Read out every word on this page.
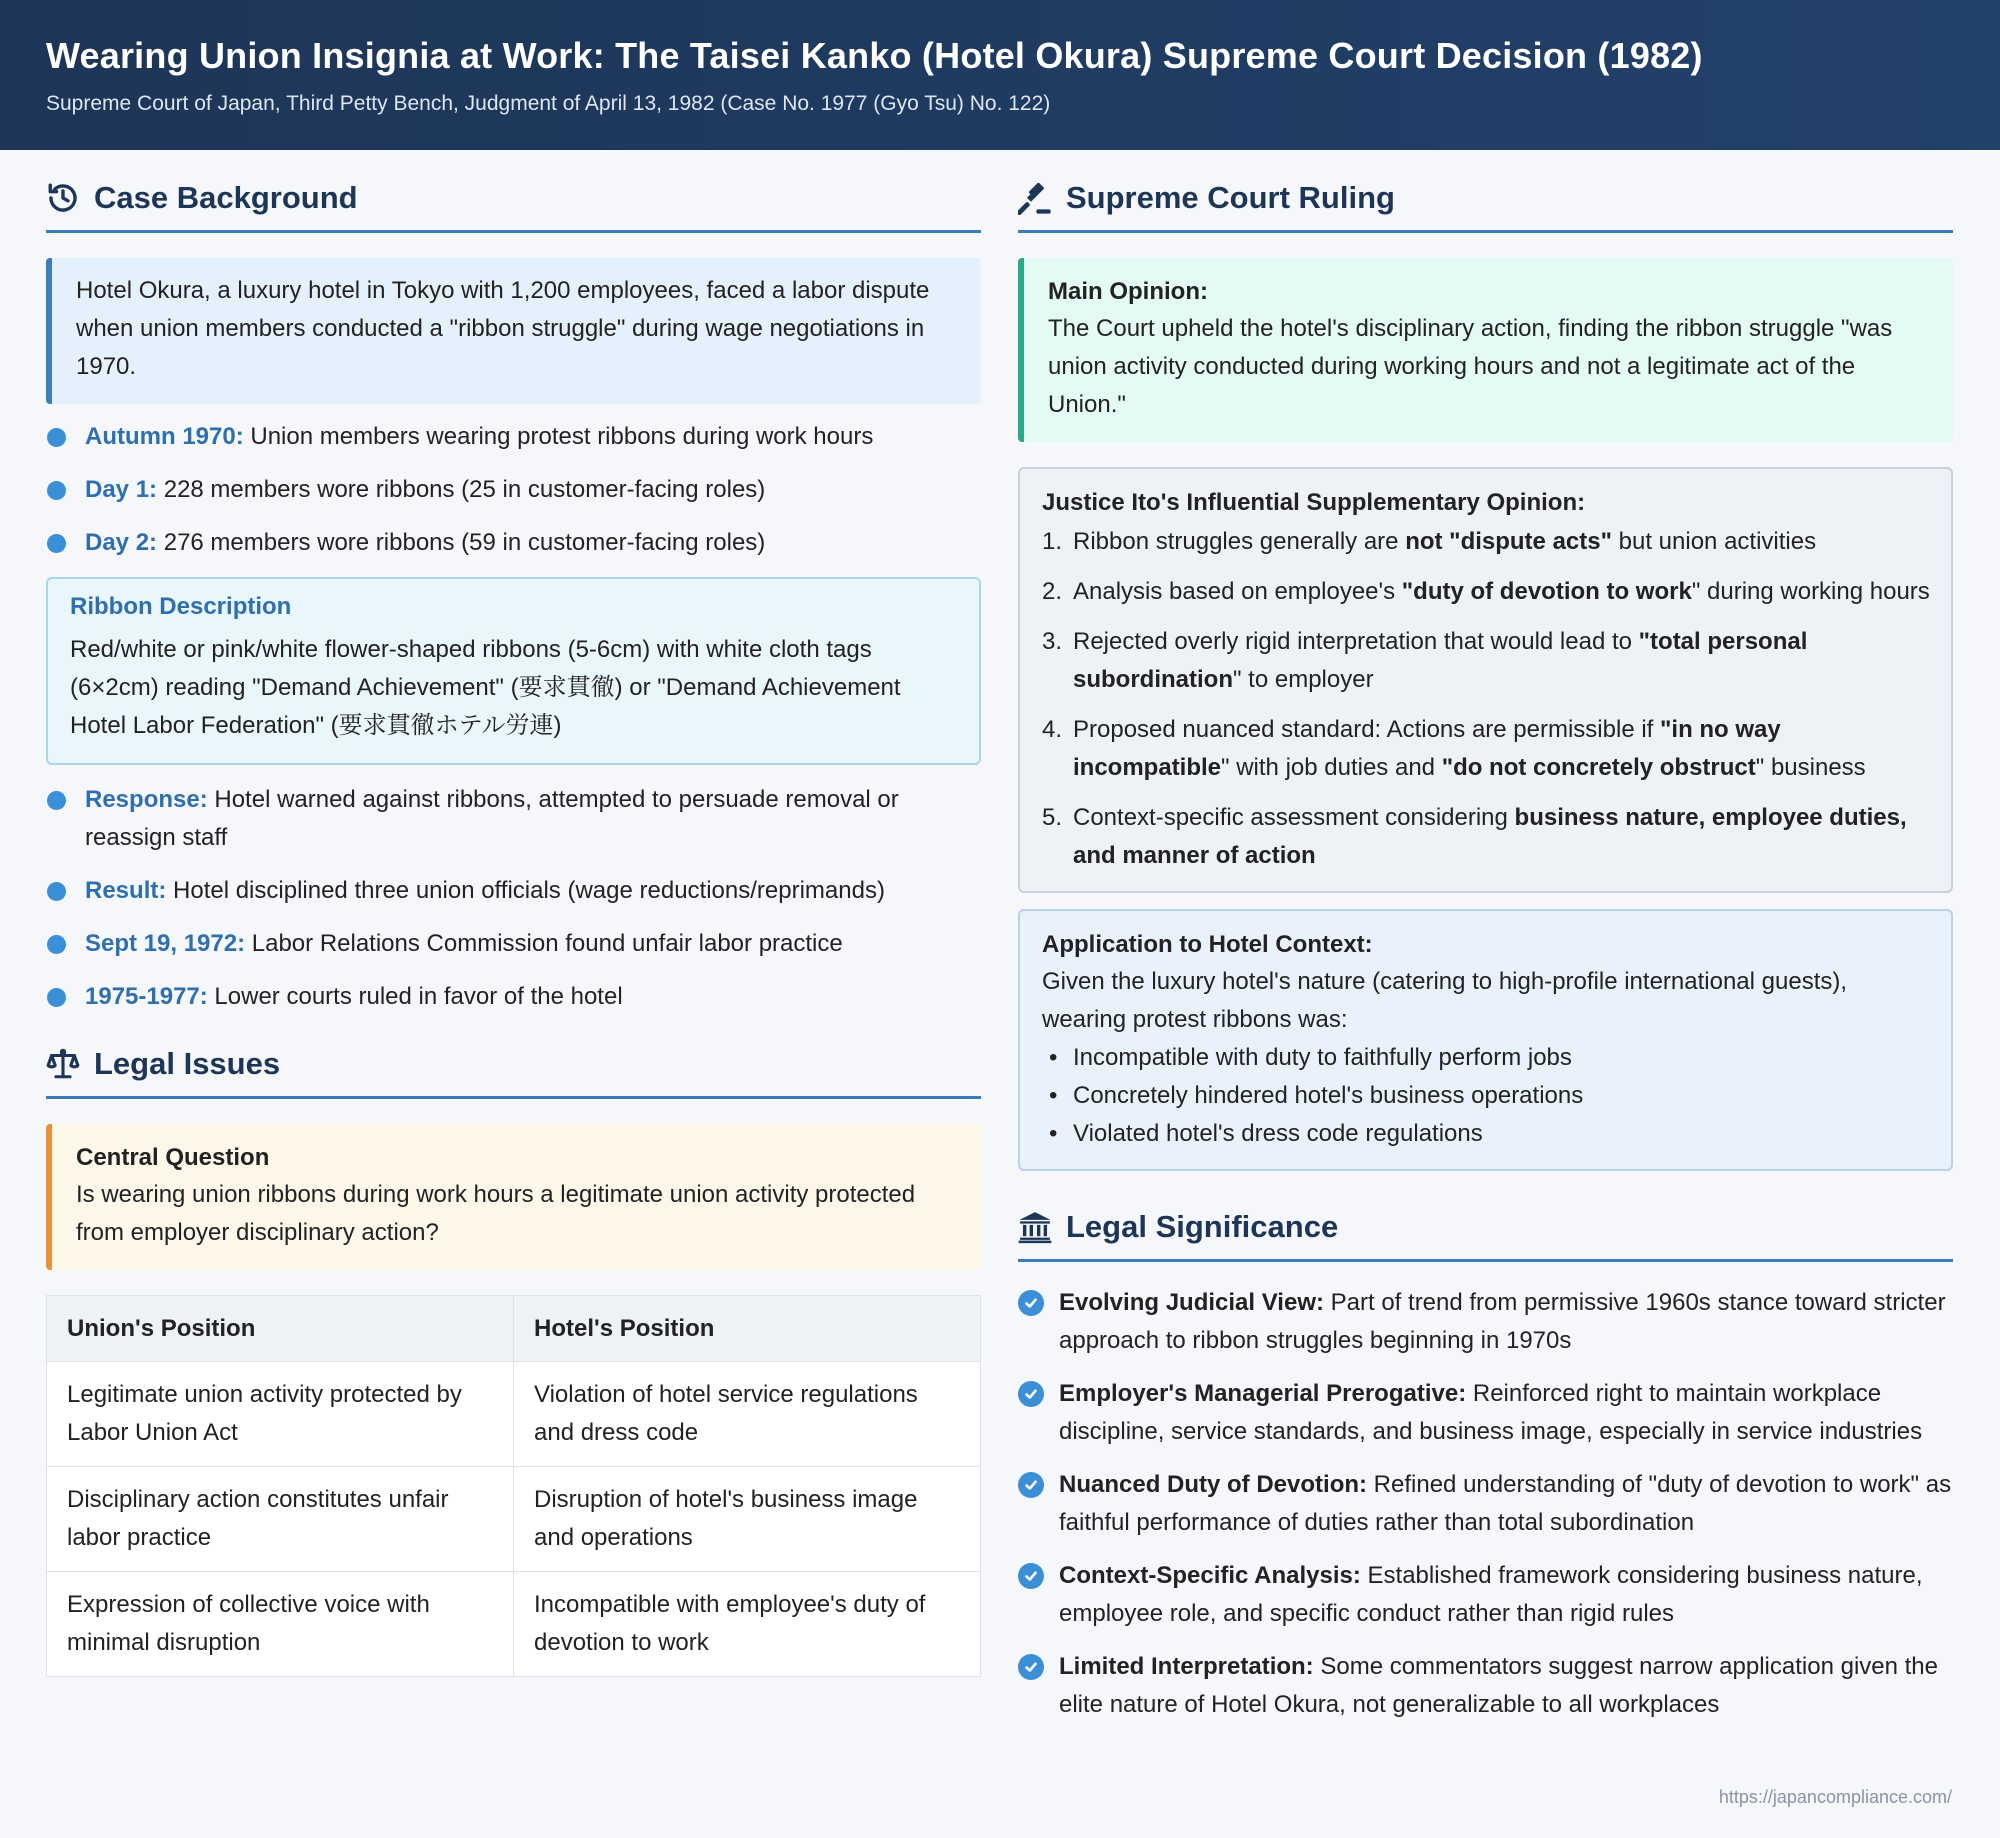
Wearing Union Insignia at Work: The Taisei Kanko (Hotel Okura) Supreme Court Decision (1982)
Supreme Court of Japan, Third Petty Bench, Judgment of April 13, 1982 (Case No. 1977 (Gyo Tsu) No. 122)
Case Background
Hotel Okura, a luxury hotel in Tokyo with 1,200 employees, faced a labor dispute when union members conducted a "ribbon struggle" during wage negotiations in 1970.
Autumn 1970: Union members wearing protest ribbons during work hours
Day 1: 228 members wore ribbons (25 in customer-facing roles)
Day 2: 276 members wore ribbons (59 in customer-facing roles)
Ribbon Description
Red/white or pink/white flower-shaped ribbons (5-6cm) with white cloth tags (6×2cm) reading "Demand Achievement" (要求貫徹) or "Demand Achievement Hotel Labor Federation" (要求貫徹ホテル労連)
Response: Hotel warned against ribbons, attempted to persuade removal or reassign staff
Result: Hotel disciplined three union officials (wage reductions/reprimands)
Sept 19, 1972: Labor Relations Commission found unfair labor practice
1975-1977: Lower courts ruled in favor of the hotel
Legal Issues
Central Question
Is wearing union ribbons during work hours a legitimate union activity protected from employer disciplinary action?
Union's Position	Hotel's Position
Legitimate union activity protected by Labor Union Act	Violation of hotel service regulations and dress code
Disciplinary action constitutes unfair labor practice	Disruption of hotel's business image and operations
Expression of collective voice with minimal disruption	Incompatible with employee's duty of devotion to work
Supreme Court Ruling
Main Opinion:
The Court upheld the hotel's disciplinary action, finding the ribbon struggle "was union activity conducted during working hours and not a legitimate act of the Union."
Justice Ito's Influential Supplementary Opinion:
1. Ribbon struggles generally are not "dispute acts" but union activities
2. Analysis based on employee's "duty of devotion to work" during working hours
3. Rejected overly rigid interpretation that would lead to "total personal subordination" to employer
4. Proposed nuanced standard: Actions are permissible if "in no way incompatible" with job duties and "do not concretely obstruct" business
5. Context-specific assessment considering business nature, employee duties, and manner of action
Application to Hotel Context:
Given the luxury hotel's nature (catering to high-profile international guests), wearing protest ribbons was:
• Incompatible with duty to faithfully perform jobs
• Concretely hindered hotel's business operations
• Violated hotel's dress code regulations
Legal Significance
Evolving Judicial View: Part of trend from permissive 1960s stance toward stricter approach to ribbon struggles beginning in 1970s
Employer's Managerial Prerogative: Reinforced right to maintain workplace discipline, service standards, and business image, especially in service industries
Nuanced Duty of Devotion: Refined understanding of "duty of devotion to work" as faithful performance of duties rather than total subordination
Context-Specific Analysis: Established framework considering business nature, employee role, and specific conduct rather than rigid rules
Limited Interpretation: Some commentators suggest narrow application given the elite nature of Hotel Okura, not generalizable to all workplaces
https://japancompliance.com/
